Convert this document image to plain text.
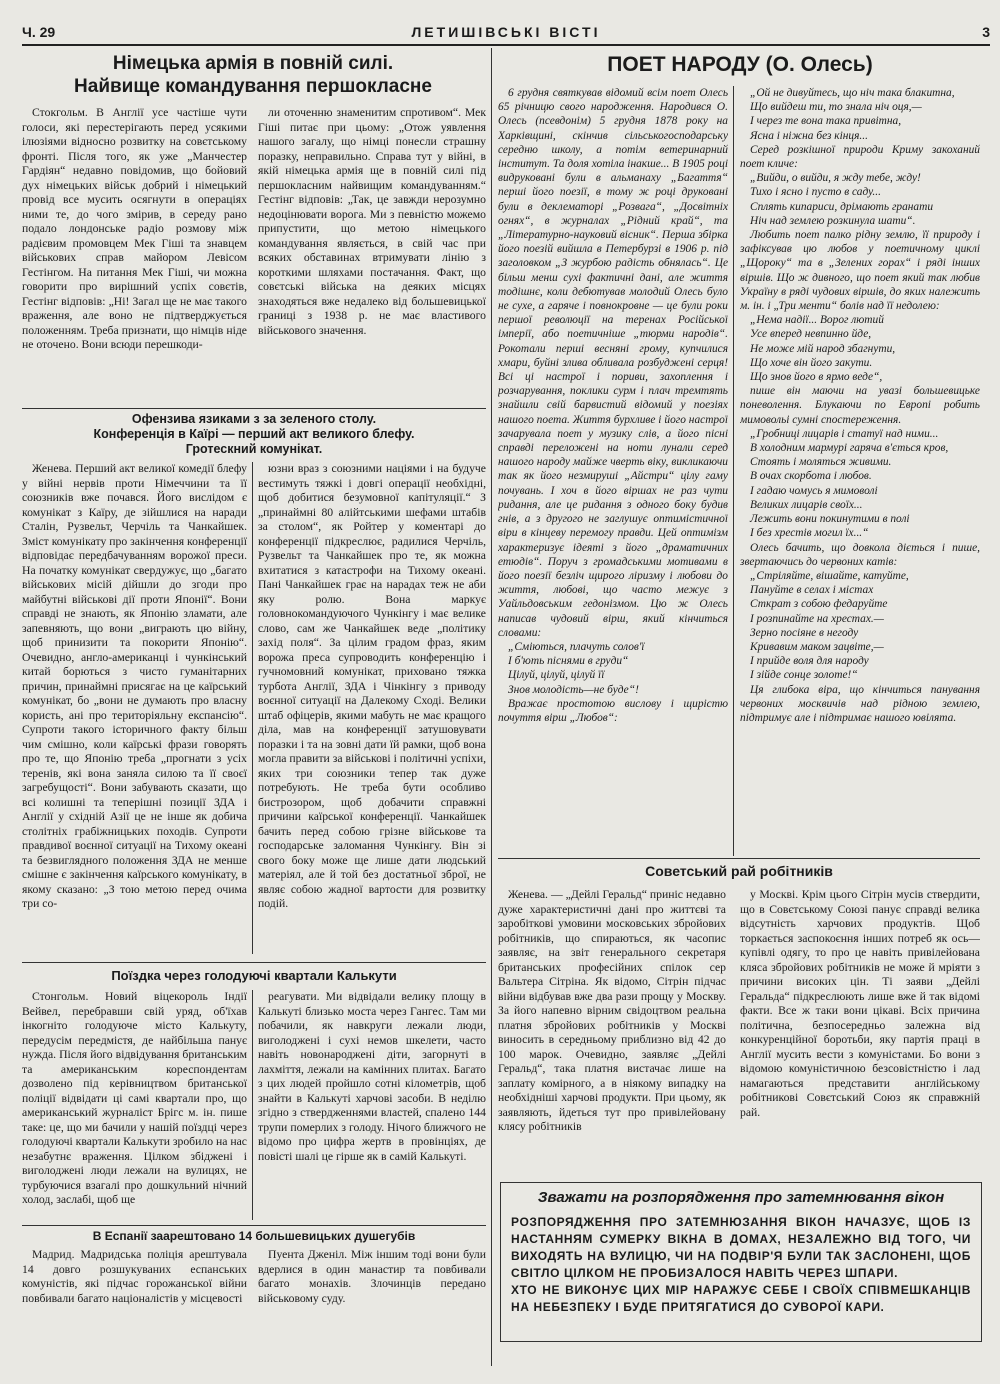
Ч. 29	ЛЕТИШІВСЬКІ ВІСТІ	3
Німецька армія в повній силі.
Найвище командування першокласне

Стокгольм. В Англії усе частіше чути голоси, які перестерігають перед усякими ілюзіями відносно розвитку на совєтському фронті. Після того, як уже „Манчестер Гардіян“ недавно повідомив, що бойовий дух німецьких військ добрий і німецький провід все мусить осягнути в операціях ними те, до чого змірив, в середу рано подало лондонське радіо розмову між радієвим промовцем Мек Гіші та знавцем військових справ майором Левісом Гестінгом. На питання Мек Гіші, чи можна говорити про вирішний успіх совєтів, Гестінг відповів: „Ні! Загал ще не має такого враження, але воно не підтверджується положенням. Треба признати, що німців ніде не оточено. Вони всюди перешкоди-

ли оточенню знаменитим спротивом“. Мек Гіші питає при цьому: „Отож уявлення нашого загалу, що німці понесли страшну поразку, неправильно. Справа тут у війні, в якій німецька армія ще в повній силі під першокласним найвищим командуванням.“ Гестінг відповів: „Так, це завжди нерозумно недоцінювати ворога. Ми з певністю можемо припустити, що метою німецького командування являється, в свій час при всяких обставинах втримувати лінію з короткими шляхами постачання. Факт, що совєтські війська на деяких місцях знаходяться вже недалеко від большевицької границі з 1938 р. не має властивого військового значення.

Офензива язиками з за зеленого столу.
Конференція в Каїрі — перший акт великого блефу.
Гротескний комунікат.

Женева. Перший акт великої комедії блефу у війні нервів проти Німеччини та її союзників вже почався. Його вислідом є комунікат з Каїру, де зійшлися на наради Сталін, Рузвельт, Черчіль та Чанкайшек. Зміст комунікату про закінчення конференції відповідає передбачуванням ворожої преси. На початку комунікат свердужує, що „багато військових місій дійшли до згоди про майбутні військові дії проти Японії“. Вони справді не знають, як Японію зламати, але запевняють, що вони „виграють цю війну, щоб принизити та покорити Японію“. Очевидно, англо-американці і чункінський китай борються з чисто гуманітарних причин, принаймні присягає на це каїрський комунікат, бо „вони не думають про власну користь, ані про територіяльну експансію“. Супроти такого історичного факту більш чим смішно, коли каїрські фрази говорять про те, що Японію треба „прогнати з усіх теренів, які вона заняла силою та її своєї загребущості“. Вони забувають сказати, що всі колишні та теперішні позиції ЗДА і Англії у східній Азії це не інше як добича столітніх грабіжницьких походів. Супроти правдивої воєнної ситуації на Тихому океані та безвиглядного положення ЗДА не менше смішне є закінчення каїрського комунікату, в якому сказано: „З тою метою перед очима три со-

юзни враз з союзними націями і на будуче вестимуть тяжкі і довгі операції необхідні, щоб добитися безумовної капітуляції.“ З „принаймні 80 алійтськими шефами штабів за столом“, як Ройтер у коментарі до конференції підкреслює, радилися Черчіль, Рузвельт та Чанкайшек про те, як можна вхитатися з катастрофи на Тихому океані. Пані Чанкайшек грає на нарадах теж не аби яку ролю. Вона маркує головнокомандуючого Чункінгу і має велике слово, сам же Чанкайшек веде „політику захід поля“. За цілим градом фраз, яким ворожа преса супроводить конференцію і гучномовний комунікат, приховано тяжка турбота Англії, ЗДА і Чінкінгу з приводу воєнної ситуації на Далекому Сході. Велики штаб офіцерів, якими мабуть не має кращого діла, мав на конференції затушовувати поразки і та на зовні дати їй рамки, щоб вона могла правити за військові і політичні успіхи, яких три союзники тепер так дуже потребують. Не треба бути особливо бистрозором, щоб добачити справжні причини каїрської конференції. Чанкайшек бачить перед собою грізне військове та господарське заломання Чункінгу. Він зі свого боку може ще лише дати людський матеріял, але й той без достатньої зброї, не являє собою жадної вартости для розвитку подій.

Поїздка через голодуючі квартали Калькути

Стонгольм. Новий віцекороль Індії Вейвел, перебравши свій уряд, об'їхав інкогніто голодуюче місто Калькуту, передусім передмістя, де найбільша панує нужда. Після його відвідування британським та американським кореспондентам дозволено під керівництвом британської поліції відвідати ці самі квартали про, що американський журналіст Брігс м. ін. пише таке: це, що ми бачили у нашій поїздці через голодуючі квартали Калькути зробило на нас незабутнє враження. Цілком збіджені і виголоджені люди лежали на вулицях, не турбуючися взагалі про дошкульний нічний холод, заслабі, щоб ще

реагувати. Ми відвідали велику площу в Калькуті близько моста через Гангес. Там ми побачили, як навкруги лежали люди, виголоджені і сухі немов шкелети, часто навіть новонароджені діти, загорнуті в лахміття, лежали на камінних плитах. Багато з цих людей пройшло сотні кілометрів, щоб знайти в Калькуті харчові засоби. В неділю згідно з ствердженнями властей, спалено 144 трупи померлих з голоду. Нічого ближчого не відомо про цифра жертв в провінціях, де повісті шалі це гірше як в самій Калькуті.

В Еспанії заарештовано 14 большевицьких душегубів

Мадрид. Мадридська поліція арештувала 14 довго розшукуваних еспанських комуністів, які підчас горожанської війни повбивали багато націоналістів у місцевості

Пуента Дженіл. Між іншим тоді вони були вдерлися в один манастир та повбивали багато монахів. Злочинців передано військовому суду.

ПОЕТ НАРОДУ (О. Олесь)

6 грудня святкував відомий всім поет Олесь 65 річницю свого народження. Народився О. Олесь (псевдонім) 5 грудня 1878 року на Харківщині, скінчив сільськогосподарську середню школу, а потім ветеринарний інститут. Та доля хотіла інакше... В 1905 році видруковані були в альманаху „Багаття“ перші його поезії, в тому ж році друковані були в деклематорі „Розвага“, „Досвітніх огнях“, в журналах „Рідний край“, та „Літературно-науковий вісник“. Перша збірка його поезій вийшла в Петербурзі в 1906 р. під заголовком „З журбою радість обнялась“. Це більш менш сухі фактичні дані, але життя тодішнє, коли дебютував молодий Олесь було не сухе, а гаряче і повнокровне — це були роки першої революції на теренах Російської імперії, або поетичніше „тюрми народів“. Рокотали перші весняні грому, купчилися хмари, буйні злива обливала розбуджені серця! Всі ці настрої і пориви, захоплення і розчарування, поклики сурм і плач тремтять знайшли свій барвистий відомий у поезіях нашого поета. Життя бурхливе і його настрої зачарувала поет у музику слів, а його пісні справді переложені на ноти лунали серед нашого народу майже чверть віку, викликаючи так як його незмируші „Айстри“ цілу гаму почувань. І хоч в його віршах не раз чути ридання, але це ридання з одного боку будив гнів, а з другого не заглушує оптимістичної віри в кінцеву перемогу правди. Цей оптимізм характеризує ідеяті з його „драматичних етюдів“. Поруч з громадськими мотивами в його поезії безліч щирого ліризму і любови до життя, любові, що часто межує з Уайльдовським гедонізмом. Цю ж Олесь написав чудовий вірш, який кінчиться словами:

„Сміються, плачуть солов'ї
І б'ють піснями в груди“
Цілуй, цілуй, цілуй її
Знов молодість—не буде“!

Вражає простотою вислову і щирістю почуття вірш „Любов“:

„Ой не дивуйтесь, що ніч така блакитна,
Що вийдеш ти, то знала ніч оця,—
І через те вона така привітна,
Ясна і ніжна без кінця...

Серед розкішної природи Криму закоханий поет кличе:

„Вийди, о вийди, я жду тебе, жду!
Тихо і ясно і пусто в саду...
Сплять кипариси, дрімають гранати
Ніч над землею розкинула шати“.

Любить поет палко рідну землю, її природу і зафіксував цю любов у поетичному циклі „Щороку“ та в „Зелених горах“ і ряді інших віршів. Що ж дивного, що поет який так любив Україну в ряді чудових віршів, до яких належить м. ін. і „Три менти“ болів над її недолею:

„Нема надії... Ворог лютий
Усе вперед невпинно йде,
Не може мій народ збагнути,
Що хоче він його закути.
Що знов його в ярмо веде“,

пише він маючи на увазі большевицьке поневолення. Блукаючи по Европі робить мимовольі сумні спостереження.

„Гробниці лицарів і статуї над ними...
В холодним мармурі гаряча в'ється кров,
Стоять і моляться живими.
В очах скорбота і любов.
І гадаю чомусь я мимоволі
Великих лицарів своїх...
Лежить вони покинутими в полі
І без хрестів могил їх...“

Олесь бачить, що довкола діється і пише, звертаючись до червоних катів:

„Стріляйте, вішайте, катуйте,
Пануйте в селах і містах
Сткрат з собою федаруйте
І розпинайте на хрестах.—
Зерно посіяне в негоду
Кривавим маком зацвіте,—
І прийде воля для народу
І зійде сонце золоте!“

Ця глибока віра, що кінчиться панування червоних москвичів над рідною землею, підтримує але і підтримає нашого ювілята.

Советський рай робітників

Женева. — „Дейлі Геральд“ приніс недавно дуже характеристичні дані про життєві та заробіткові умовини московських збройових робітників, що спираються, як часопис заявляє, на звіт генерального секретаря британських професійних спілок сер Вальтера Сітріна. Як відомо, Сітрін підчас війни відбував вже два рази прощу у Москву. За його напевно вірним свідоцтвом реальна платня збройових робітників у Москві виносить в середньому приблизно від 42 до 100 марок. Очевидно, заявляє „Дейлі Геральд“, така платня вистачає лише на заплату комірного, а в ніякому випадку на необхідніші харчові продукти. При цьому, як заявляють, йдеться тут про привілейовану клясу робітників

у Москві. Крім цього Сітрін мусів ствердити, що в Совєтському Союзі панує справді велика відсутність харчових продуктів. Щоб торкається заспокоєння інших потреб як ось—купівлі одягу, то про це навіть привілейована кляса збройових робітників не може й мріяти з причини високих цін. Ті заяви „Дейлі Геральда“ підкреслюють лише вже й так відомі факти. Все ж таки вони цікаві. Всіх причина політична, безпосередньо залежна від конкуренційної боротьби, яку партія праці в Англії мусить вести з комуністами. Бо вони з відомою комуністичною безсовістністю і лад намагаються представити англійському робітникові Совєтський Союз як справжній рай.

Зважати на розпорядження про затемнювання вікон
РОЗПОРЯДЖЕННЯ ПРО ЗАТЕМНЮЗАННЯ ВІКОН НАЧАЗУЄ, ЩОБ ІЗ НАСТАННЯМ СУМЕРКУ ВІКНА В ДОМАХ, НЕЗАЛЕЖНО ВІД ТОГО, ЧИ ВИХОДЯТЬ НА ВУЛИЦЮ, ЧИ НА ПОДВІР'Я БУЛИ ТАК ЗАСЛОНЕНІ, ЩОБ СВІТЛО ЦІЛКОМ НЕ ПРОБИЗАЛОСЯ НАВІТЬ ЧЕРЕЗ ШПАРИ.
ХТО НЕ ВИКОНУЄ ЦИХ МІР НАРАЖУЄ СЕБЕ І СВОЇХ СПІВМЕШКАНЦІВ НА НЕБЕЗПЕКУ І БУДЕ ПРИТЯГАТИСЯ ДО СУВОРОЇ КАРИ.
